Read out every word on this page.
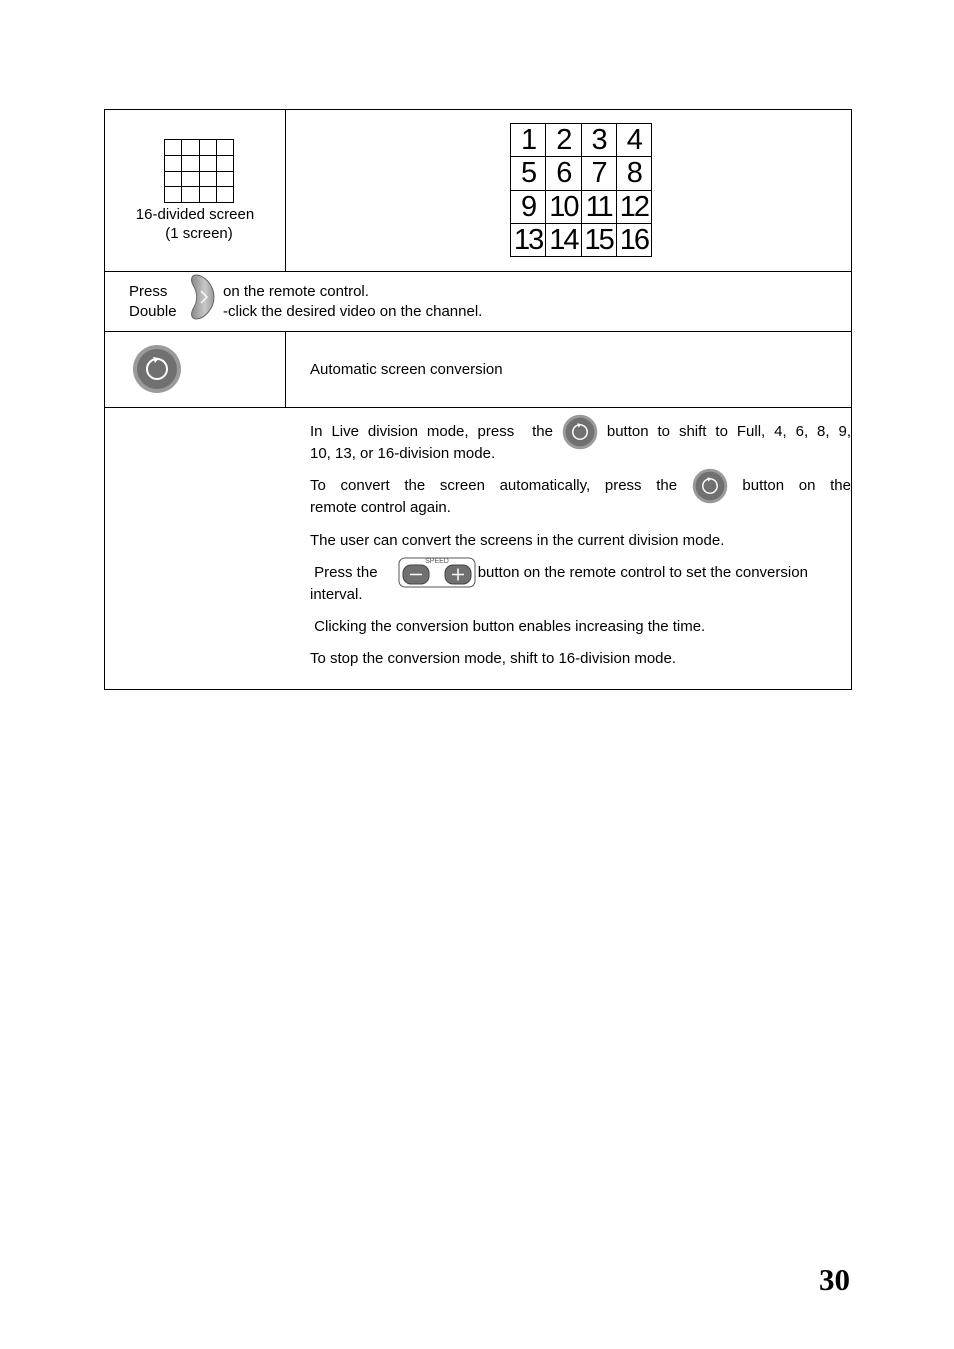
16-divided screen
(1 screen)
1 2 3 4
5 6 7 8
9 10 11 12
13 14 15 16
Press
Double
on the remote control.
-click the desired video on the channel.
Automatic screen conversion
In Live division mode, press the	button to shift to Full, 4, 6, 8, 9,
10, 13, or 16-division mode.
To convert the screen automatically, press the	button on the
remote control again.
The user can convert the screens in the current division mode.
Press the
SPEED
button on the remote control to set the conversion
interval.
Clicking the conversion button enables increasing the time.
To stop the conversion mode, shift to 16-division mode.
30
